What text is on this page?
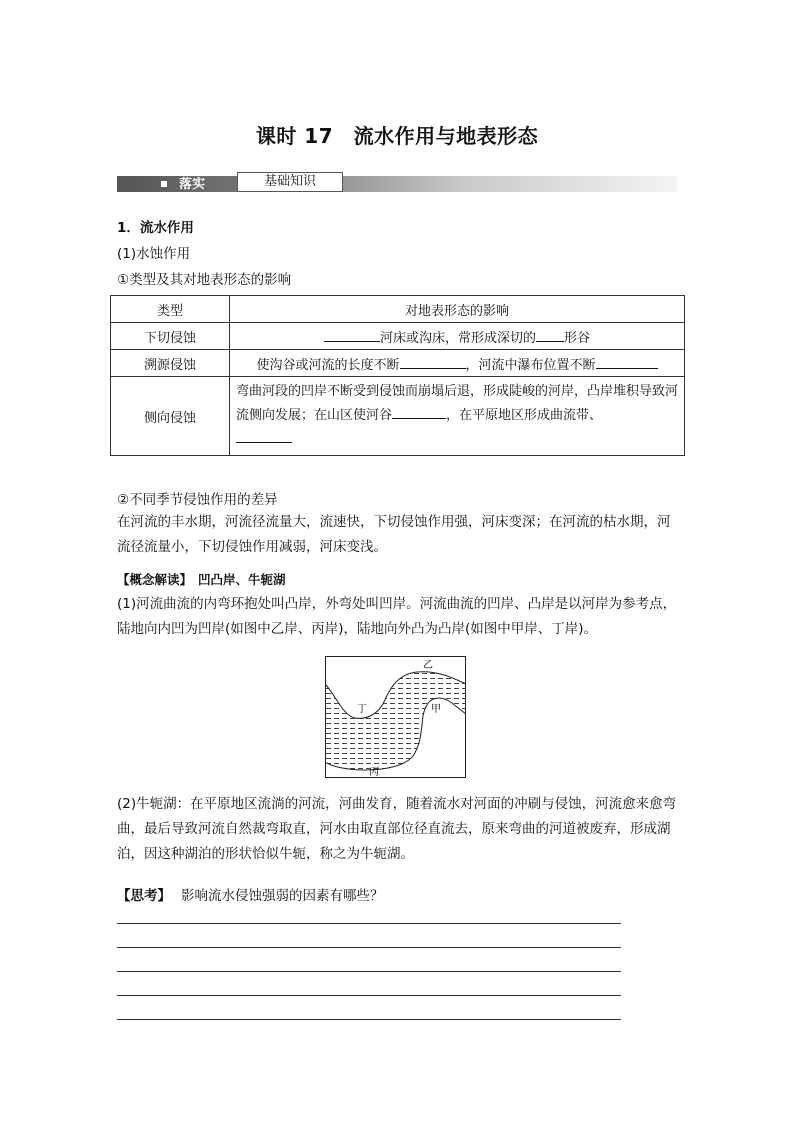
课时 17　流水作用与地表形态
落实	基础知识
1．流水作用
(1)水蚀作用
①类型及其对地表形态的影响
类型	对地表形态的影响
下切侵蚀	河床或沟床，常形成深切的 形谷
溯源侵蚀	使沟谷或河流的长度不断 ，河流中瀑布位置不断
侧向侵蚀	弯曲河段的凹岸不断受到侵蚀而崩塌后退，形成陡峻的河岸，凸岸堆积导致河流侧向发展；在山区使河谷 ，在平原地区形成曲流带、

②不同季节侵蚀作用的差异
在河流的丰水期，河流径流量大，流速快，下切侵蚀作用强，河床变深；在河流的枯水期，河流径流量小，下切侵蚀作用减弱，河床变浅。
【概念解读】 凹凸岸、牛轭湖
(1)河流曲流的内弯环抱处叫凸岸，外弯处叫凹岸。河流曲流的凹岸、凸岸是以河岸为参考点，陆地向内凹为凹岸(如图中乙岸、丙岸)，陆地向外凸为凸岸(如图中甲岸、丁岸)。
乙
丁	甲
丙
(2)牛轭湖：在平原地区流淌的河流，河曲发育，随着流水对河面的冲刷与侵蚀，河流愈来愈弯曲，最后导致河流自然裁弯取直，河水由取直部位径直流去，原来弯曲的河道被废弃，形成湖泊，因这种湖泊的形状恰似牛轭，称之为牛轭湖。
【思考】 影响流水侵蚀强弱的因素有哪些？
